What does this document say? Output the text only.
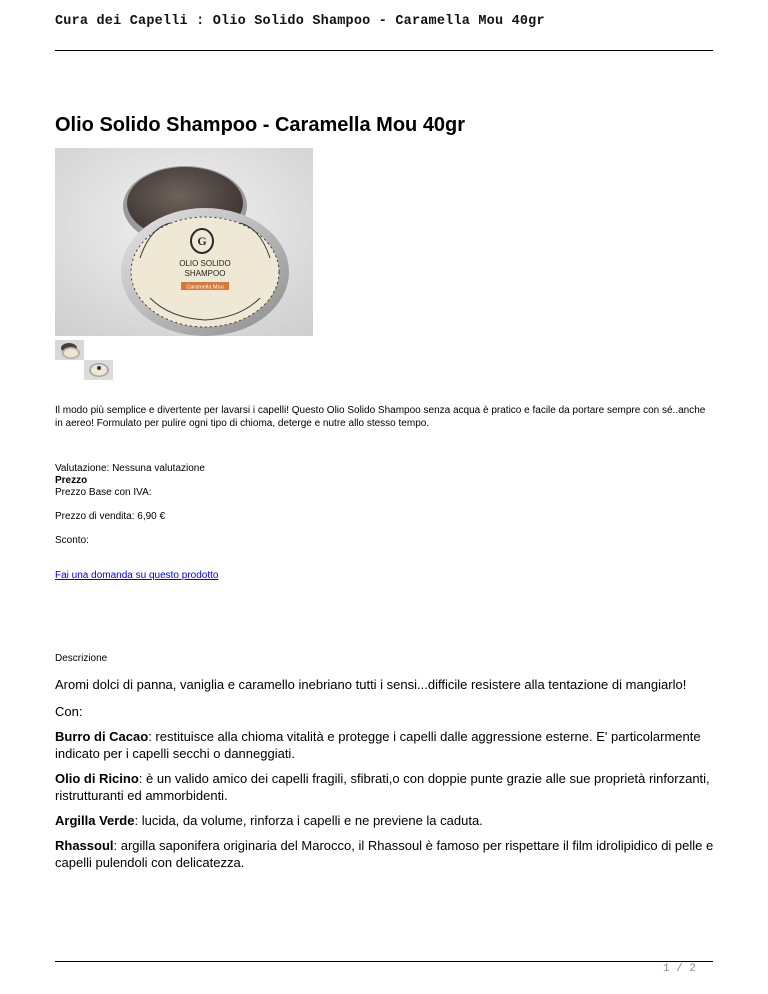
Cura dei Capelli : Olio Solido Shampoo - Caramella Mou 40gr
Olio Solido Shampoo - Caramella Mou 40gr
G
OLIO SOLIDO
SHAMPOO
Caramella Mou

Il modo più semplice e divertente per lavarsi i capelli! Questo Olio Solido Shampoo senza acqua è pratico e facile da portare sempre con sé..anche in aereo! Formulato per pulire ogni tipo di chioma, deterge e nutre allo stesso tempo.

Valutazione: Nessuna valutazione

Prezzo

Prezzo Base con IVA:

Prezzo di vendita: 6,90 €

Sconto:

Fai una domanda su questo prodotto

Descrizione

Aromi dolci di panna, vaniglia e caramello inebriano tutti i sensi...difficile resistere alla tentazione di mangiarlo!

Con:

Burro di Cacao: restituisce alla chioma vitalità e protegge i capelli dalle aggressione esterne. E' particolarmente indicato per i capelli secchi o danneggiati.

Olio di Ricino: è un valido amico dei capelli fragili, sfibrati,o con doppie punte grazie alle sue proprietà rinforzanti, ristrutturanti ed ammorbidenti.

Argilla Verde: lucida, da volume, rinforza i capelli e ne previene la caduta.

Rhassoul: argilla saponifera originaria del Marocco, il Rhassoul è famoso per rispettare il film idrolipidico di pelle e capelli pulendoli con delicatezza.

1 / 2
